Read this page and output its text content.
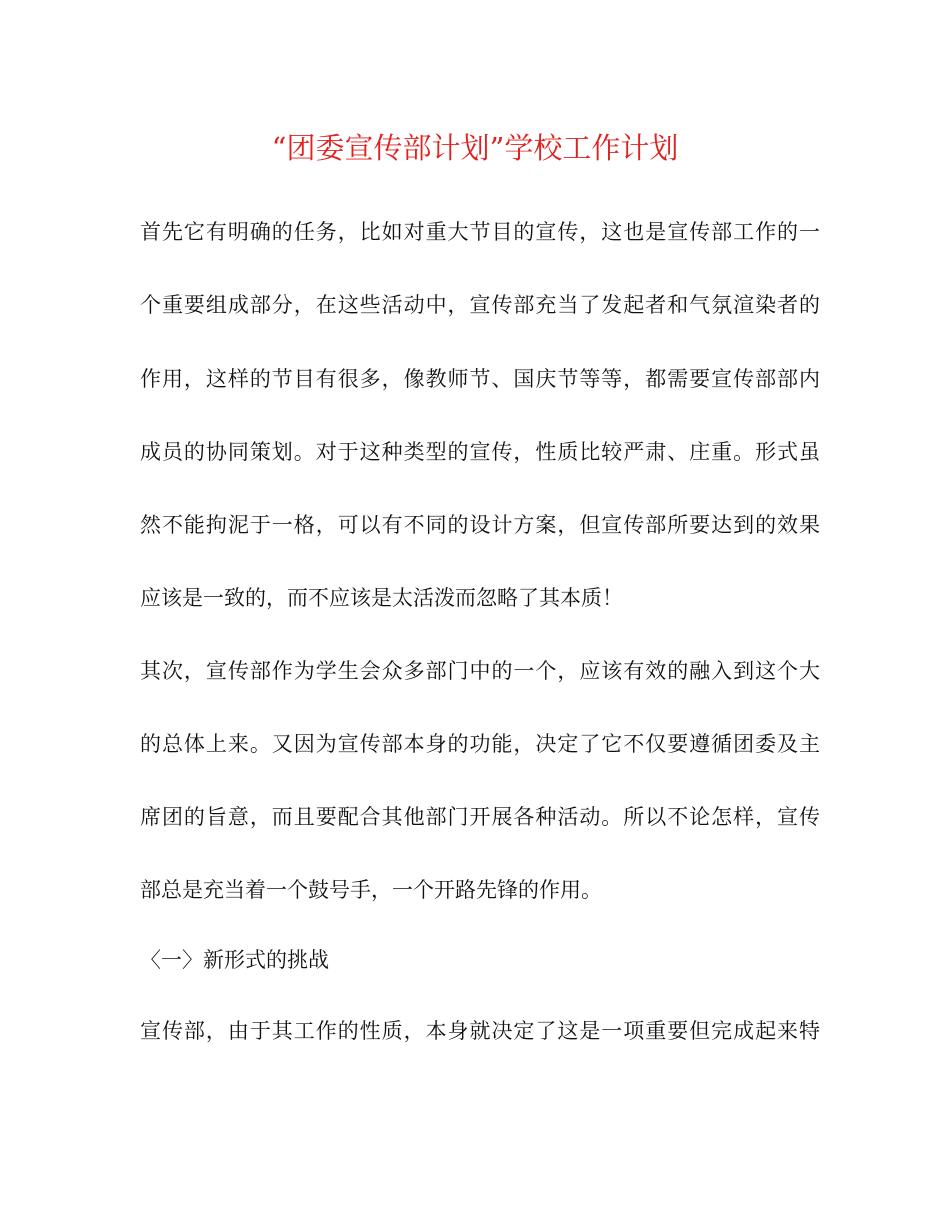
“团委宣传部计划”学校工作计划
首先它有明确的任务，比如对重大节目的宣传，这也是宣传部工作的一
个重要组成部分，在这些活动中，宣传部充当了发起者和气氛渲染者的
作用，这样的节目有很多，像教师节、国庆节等等，都需要宣传部部内
成员的协同策划。对于这种类型的宣传，性质比较严肃、庄重。形式虽
然不能拘泥于一格，可以有不同的设计方案，但宣传部所要达到的效果
应该是一致的，而不应该是太活泼而忽略了其本质！
其次，宣传部作为学生会众多部门中的一个，应该有效的融入到这个大
的总体上来。又因为宣传部本身的功能，决定了它不仅要遵循团委及主
席团的旨意，而且要配合其他部门开展各种活动。所以不论怎样，宣传
部总是充当着一个鼓号手，一个开路先锋的作用。
〈一〉新形式的挑战
宣传部，由于其工作的性质，本身就决定了这是一项重要但完成起来特
